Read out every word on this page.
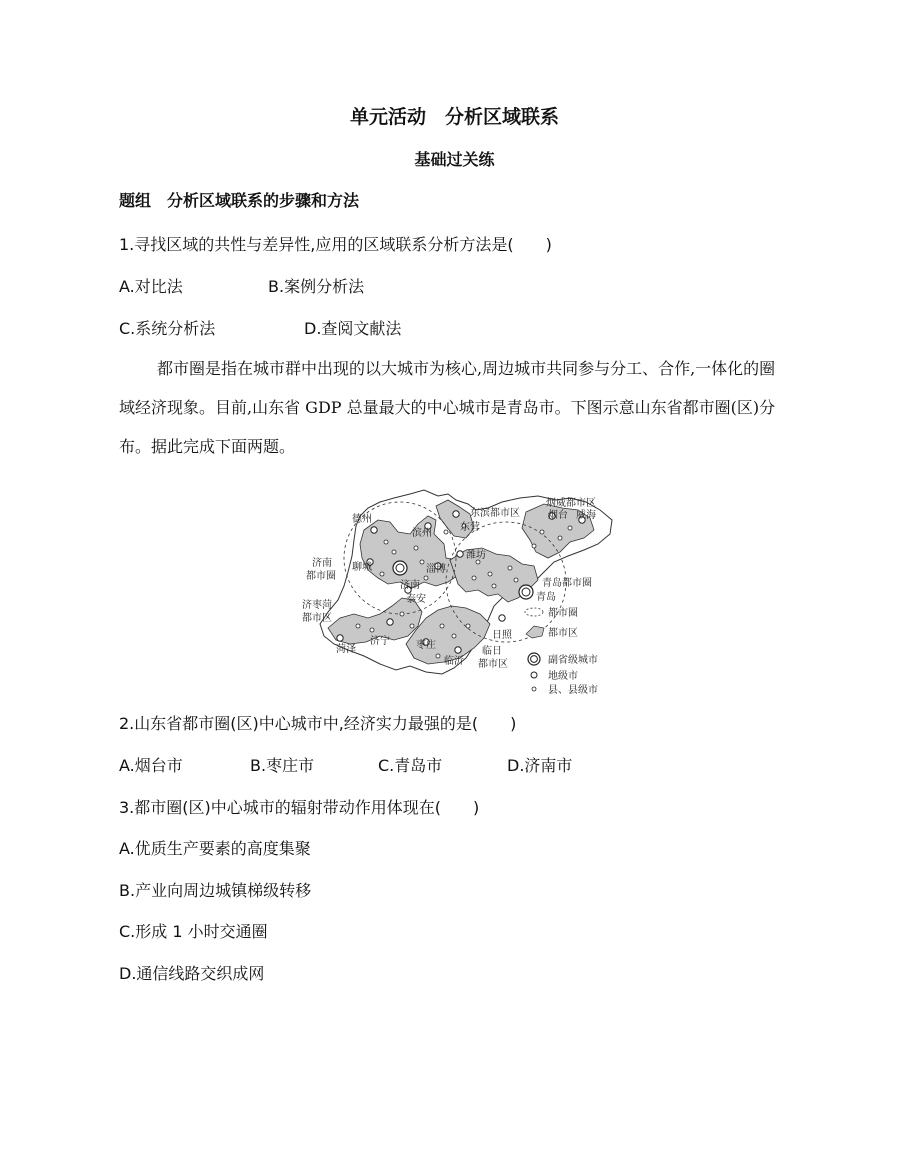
单元活动　分析区域联系
基础过关练
题组　分析区域联系的步骤和方法
1.寻找区域的共性与差异性,应用的区域联系分析方法是(　　)
A.对比法	B.案例分析法
C.系统分析法	D.查阅文献法
都市圈是指在城市群中出现的以大城市为核心,周边城市共同参与分工、合作,一体化的圈域经济现象。目前,山东省 GDP 总量最大的中心城市是青岛市。下图示意山东省都市圈(区)分布。据此完成下面两题。
德州
东滨都市区
东营
滨州
烟威都市区
烟台 威海
济南
都市圈
聊城
济南
淄博
潍坊
青岛都市圈
青岛
泰安
济枣菏
都市区
济宁
菏泽	枣庄
临沂
日照
临日
都市区
都市圈
都市区
副省级城市
地级市
县、县级市
2.山东省都市圈(区)中心城市中,经济实力最强的是(　　)
A.烟台市	B.枣庄市	C.青岛市	D.济南市
3.都市圈(区)中心城市的辐射带动作用体现在(　　)
A.优质生产要素的高度集聚
B.产业向周边城镇梯级转移
C.形成 1 小时交通圈
D.通信线路交织成网
